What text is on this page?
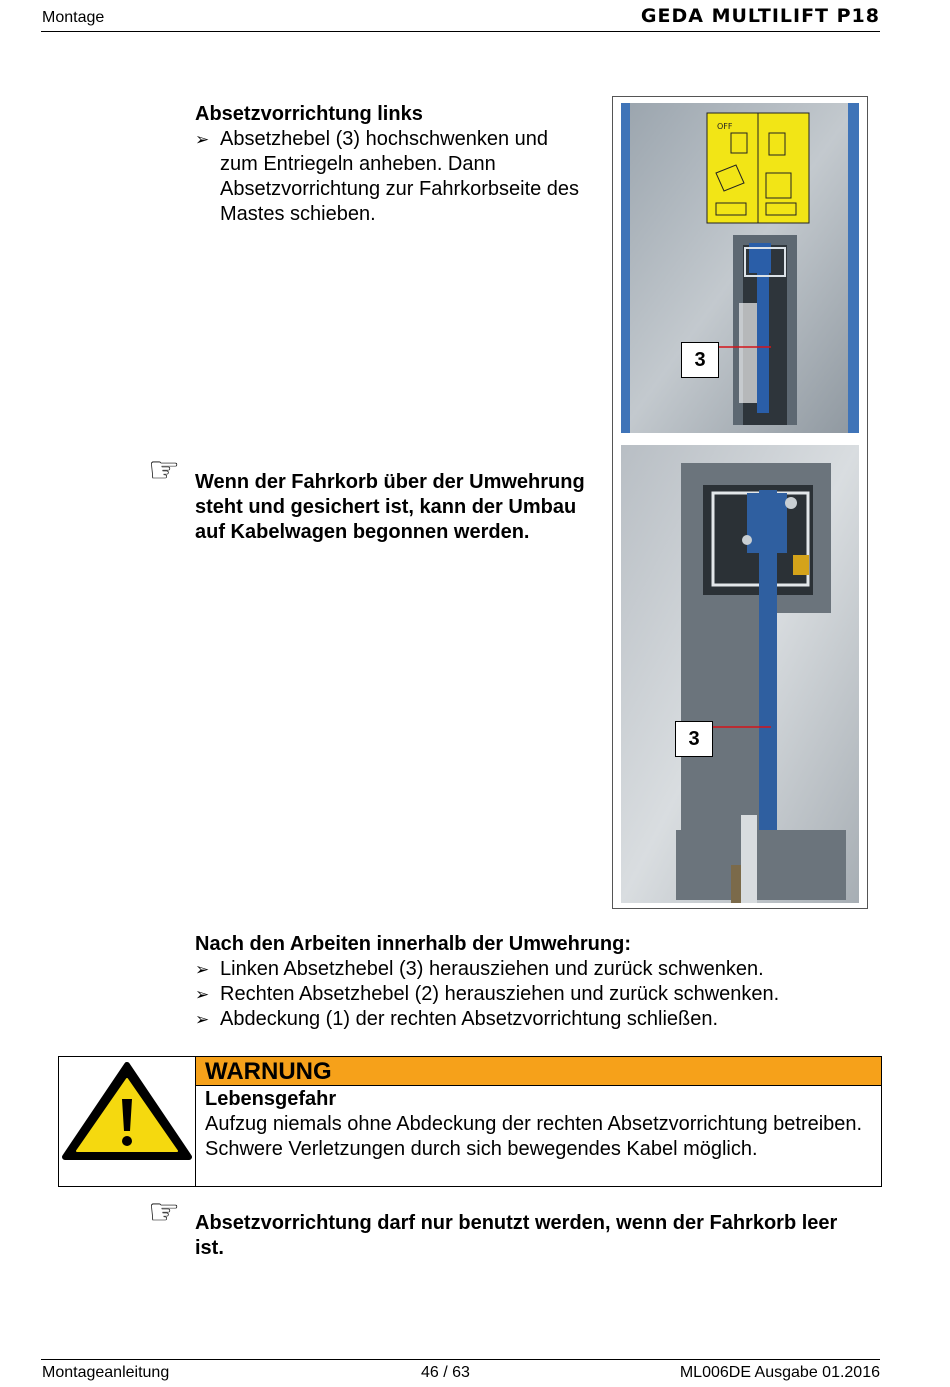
Montage	GEDA MULTILIFT P18
Absetzvorrichtung links
➢ Absetzhebel (3) hochschwenken und zum Entriegeln anheben. Dann Absetzvorrichtung zur Fahrkorbseite des Mastes schieben.
☞ Wenn der Fahrkorb über der Umwehrung steht und gesichert ist, kann der Umbau auf Kabelwagen begonnen werden.
OFF
3
3
Nach den Arbeiten innerhalb der Umwehrung:
➢ Linken Absetzhebel (3) herausziehen und zurück schwenken.
➢ Rechten Absetzhebel (2) herausziehen und zurück schwenken.
➢ Abdeckung (1) der rechten Absetzvorrichtung schließen.
WARNUNG
Lebensgefahr
Aufzug niemals ohne Abdeckung der rechten Absetzvorrichtung betreiben. Schwere Verletzungen durch sich bewegendes Kabel möglich.
☞ Absetzvorrichtung darf nur benutzt werden, wenn der Fahrkorb leer ist.
Montageanleitung	46 / 63	ML006DE Ausgabe 01.2016
